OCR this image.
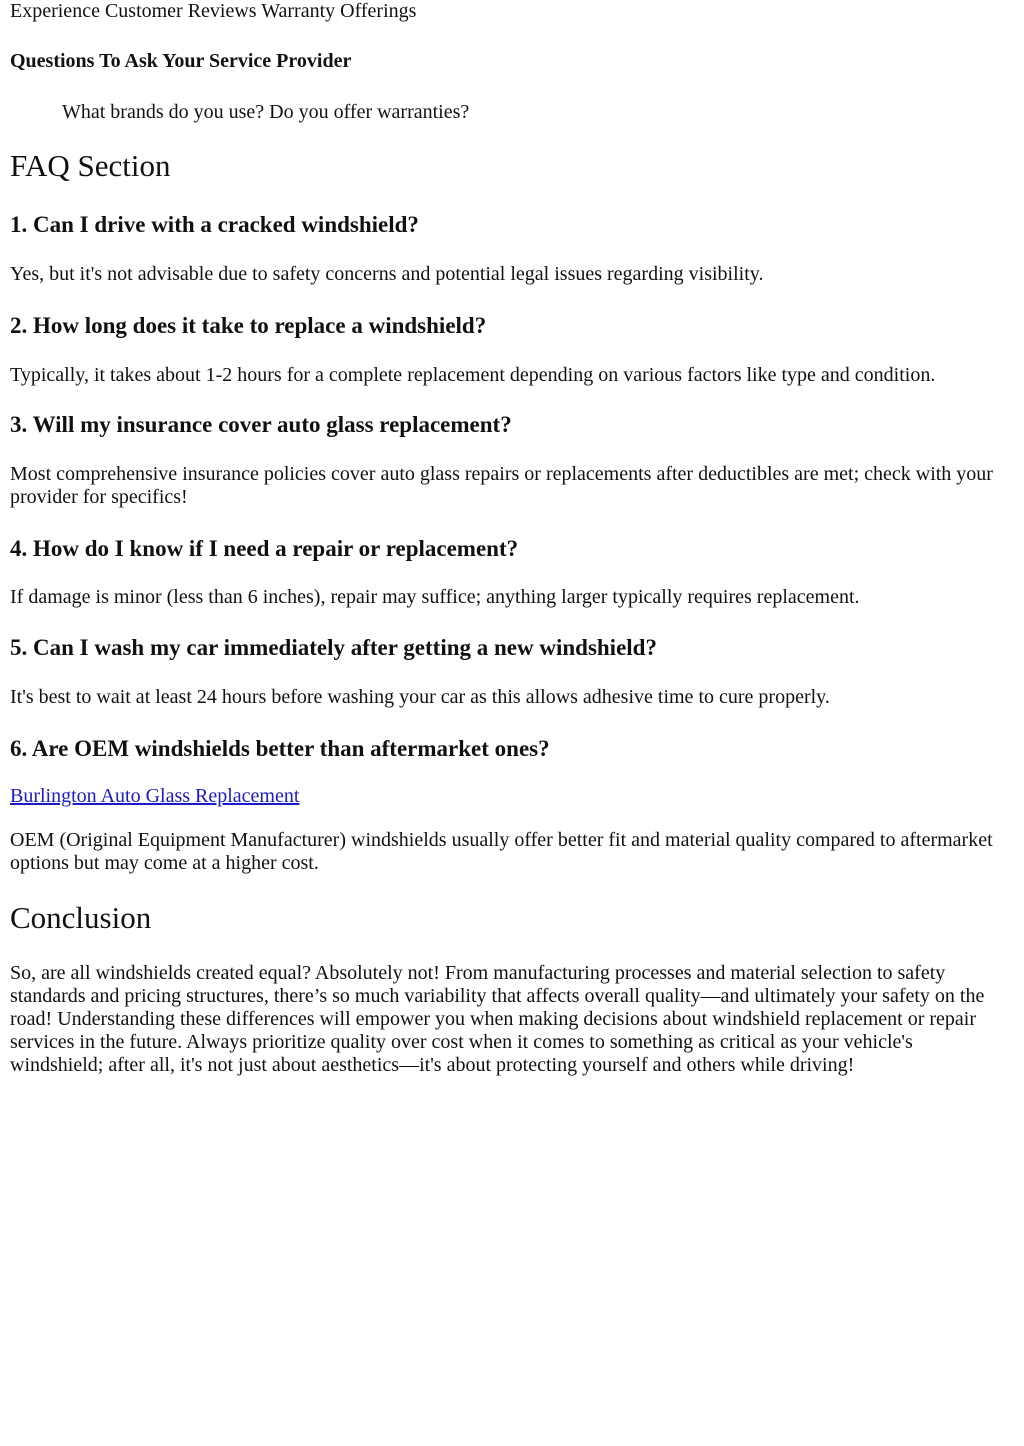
Experience Customer Reviews Warranty Offerings

Questions To Ask Your Service Provider

What brands do you use? Do you offer warranties?

FAQ Section
1. Can I drive with a cracked windshield?

Yes, but it's not advisable due to safety concerns and potential legal issues regarding visibility.

2. How long does it take to replace a windshield?

Typically, it takes about 1-2 hours for a complete replacement depending on various factors like type and condition.

3. Will my insurance cover auto glass replacement?

Most comprehensive insurance policies cover auto glass repairs or replacements after deductibles are met; check with your provider for specifics!

4. How do I know if I need a repair or replacement?

If damage is minor (less than 6 inches), repair may suffice; anything larger typically requires replacement.

5. Can I wash my car immediately after getting a new windshield?

It's best to wait at least 24 hours before washing your car as this allows adhesive time to cure properly.

6. Are OEM windshields better than aftermarket ones?
Burlington Auto Glass Replacement

OEM (Original Equipment Manufacturer) windshields usually offer better fit and material quality compared to aftermarket options but may come at a higher cost.

Conclusion

So, are all windshields created equal? Absolutely not! From manufacturing processes and material selection to safety standards and pricing structures, there’s so much variability that affects overall quality—and ultimately your safety on the road! Understanding these differences will empower you when making decisions about windshield replacement or repair services in the future. Always prioritize quality over cost when it comes to something as critical as your vehicle's windshield; after all, it's not just about aesthetics—it's about protecting yourself and others while driving!
